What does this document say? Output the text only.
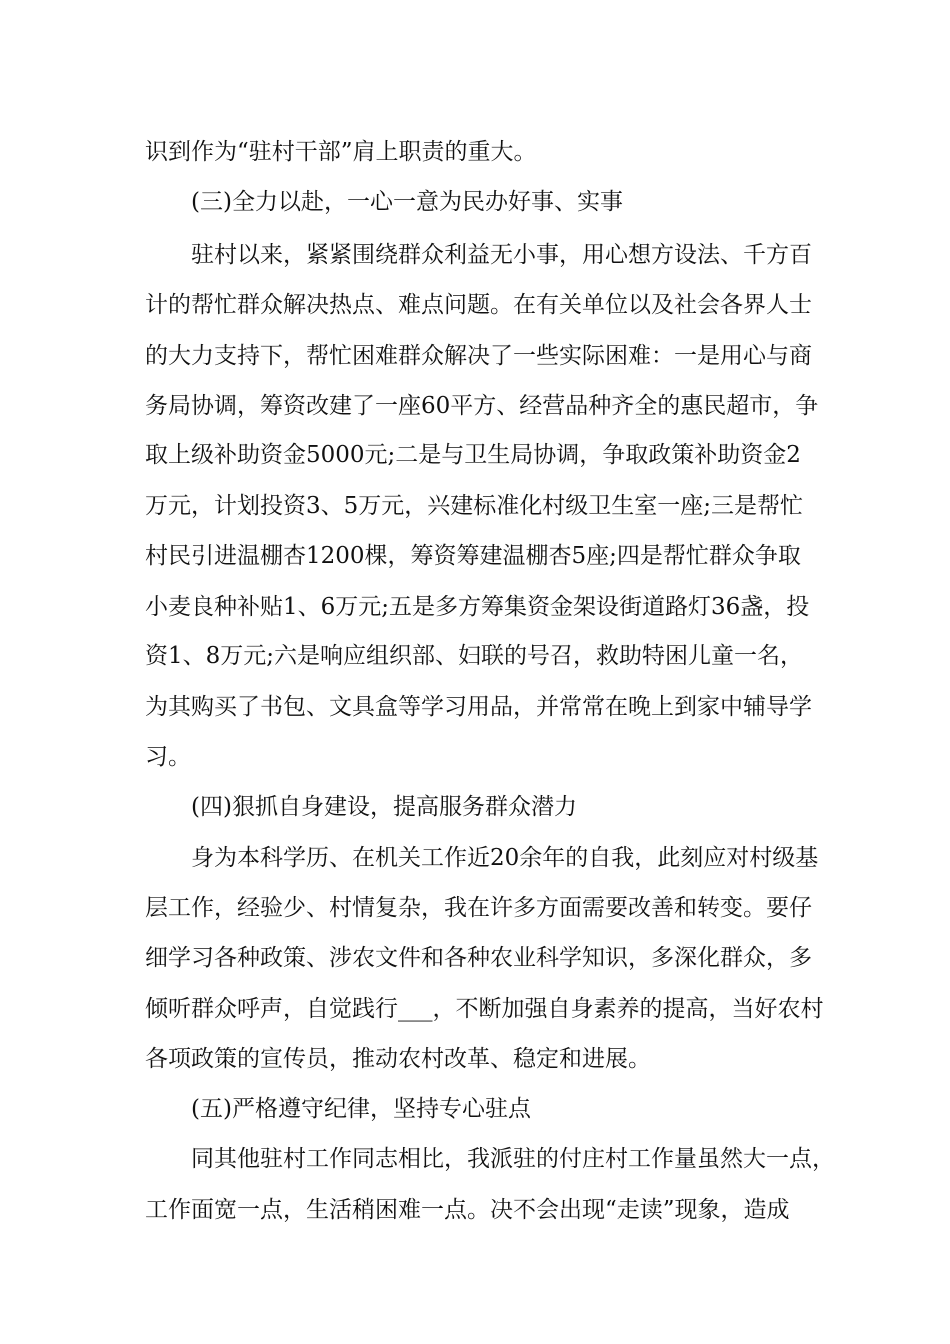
识到作为“驻村干部”肩上职责的重大。
(三)全力以赴，一心一意为民办好事、实事
驻村以来，紧紧围绕群众利益无小事，用心想方设法、千方百
计的帮忙群众解决热点、难点问题。在有关单位以及社会各界人士
的大力支持下，帮忙困难群众解决了一些实际困难：一是用心与商
务局协调，筹资改建了一座60平方、经营品种齐全的惠民超市，争
取上级补助资金5000元;二是与卫生局协调，争取政策补助资金2
万元，计划投资3、5万元，兴建标准化村级卫生室一座;三是帮忙
村民引进温棚杏1200棵，筹资筹建温棚杏5座;四是帮忙群众争取
小麦良种补贴1、6万元;五是多方筹集资金架设街道路灯36盏，投
资1、8万元;六是响应组织部、妇联的号召，救助特困儿童一名，
为其购买了书包、文具盒等学习用品，并常常在晚上到家中辅导学
习。
(四)狠抓自身建设，提高服务群众潜力
身为本科学历、在机关工作近20余年的自我，此刻应对村级基
层工作，经验少、村情复杂，我在许多方面需要改善和转变。要仔
细学习各种政策、涉农文件和各种农业科学知识，多深化群众，多
倾听群众呼声，自觉践行___，不断加强自身素养的提高，当好农村
各项政策的宣传员，推动农村改革、稳定和进展。
(五)严格遵守纪律，坚持专心驻点
同其他驻村工作同志相比，我派驻的付庄村工作量虽然大一点，
工作面宽一点，生活稍困难一点。决不会出现“走读”现象，造成
